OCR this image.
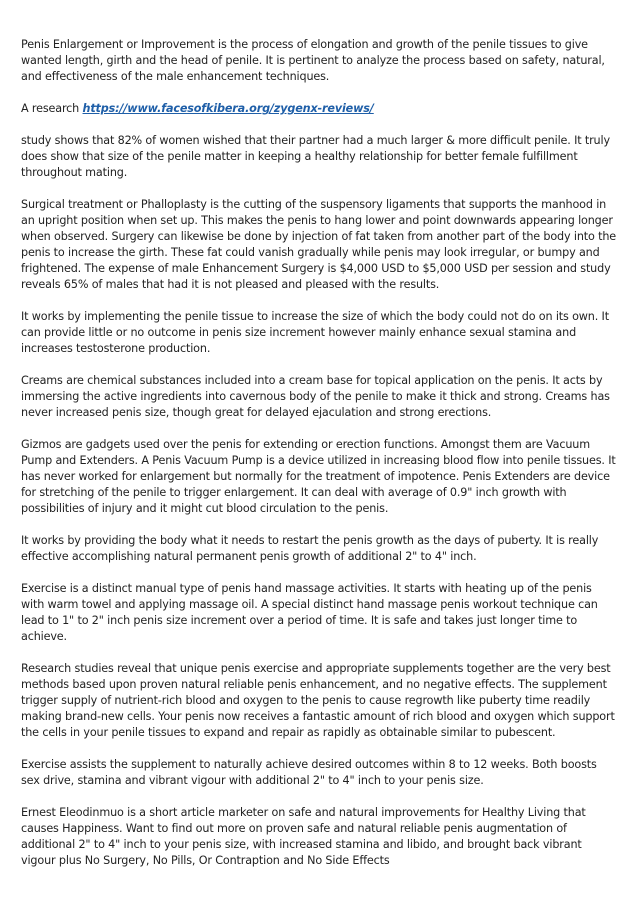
Penis Enlargement or Improvement is the process of elongation and growth of the penile tissues to give wanted length, girth and the head of penile. It is pertinent to analyze the process based on safety, natural, and effectiveness of the male enhancement techniques.

A research https://www.facesofkibera.org/zygenx-reviews/

study shows that 82% of women wished that their partner had a much larger & more difficult penile. It truly does show that size of the penile matter in keeping a healthy relationship for better female fulfillment throughout mating.

Surgical treatment or Phalloplasty is the cutting of the suspensory ligaments that supports the manhood in an upright position when set up. This makes the penis to hang lower and point downwards appearing longer when observed. Surgery can likewise be done by injection of fat taken from another part of the body into the penis to increase the girth. These fat could vanish gradually while penis may look irregular, or bumpy and frightened. The expense of male Enhancement Surgery is $4,000 USD to $5,000 USD per session and study reveals 65% of males that had it is not pleased and pleased with the results.

It works by implementing the penile tissue to increase the size of which the body could not do on its own. It can provide little or no outcome in penis size increment however mainly enhance sexual stamina and increases testosterone production.

Creams are chemical substances included into a cream base for topical application on the penis. It acts by immersing the active ingredients into cavernous body of the penile to make it thick and strong. Creams has never increased penis size, though great for delayed ejaculation and strong erections.

Gizmos are gadgets used over the penis for extending or erection functions. Amongst them are Vacuum Pump and Extenders. A Penis Vacuum Pump is a device utilized in increasing blood flow into penile tissues. It has never worked for enlargement but normally for the treatment of impotence. Penis Extenders are device for stretching of the penile to trigger enlargement. It can deal with average of 0.9" inch growth with possibilities of injury and it might cut blood circulation to the penis.

It works by providing the body what it needs to restart the penis growth as the days of puberty. It is really effective accomplishing natural permanent penis growth of additional 2" to 4" inch.

Exercise is a distinct manual type of penis hand massage activities. It starts with heating up of the penis with warm towel and applying massage oil. A special distinct hand massage penis workout technique can lead to 1" to 2" inch penis size increment over a period of time. It is safe and takes just longer time to achieve.

Research studies reveal that unique penis exercise and appropriate supplements together are the very best methods based upon proven natural reliable penis enhancement, and no negative effects. The supplement trigger supply of nutrient-rich blood and oxygen to the penis to cause regrowth like puberty time readily making brand-new cells. Your penis now receives a fantastic amount of rich blood and oxygen which support the cells in your penile tissues to expand and repair as rapidly as obtainable similar to pubescent.

Exercise assists the supplement to naturally achieve desired outcomes within 8 to 12 weeks. Both boosts sex drive, stamina and vibrant vigour with additional 2" to 4" inch to your penis size.

Ernest Eleodinmuo is a short article marketer on safe and natural improvements for Healthy Living that causes Happiness. Want to find out more on proven safe and natural reliable penis augmentation of additional 2" to 4" inch to your penis size, with increased stamina and libido, and brought back vibrant vigour plus No Surgery, No Pills, Or Contraption and No Side Effects
